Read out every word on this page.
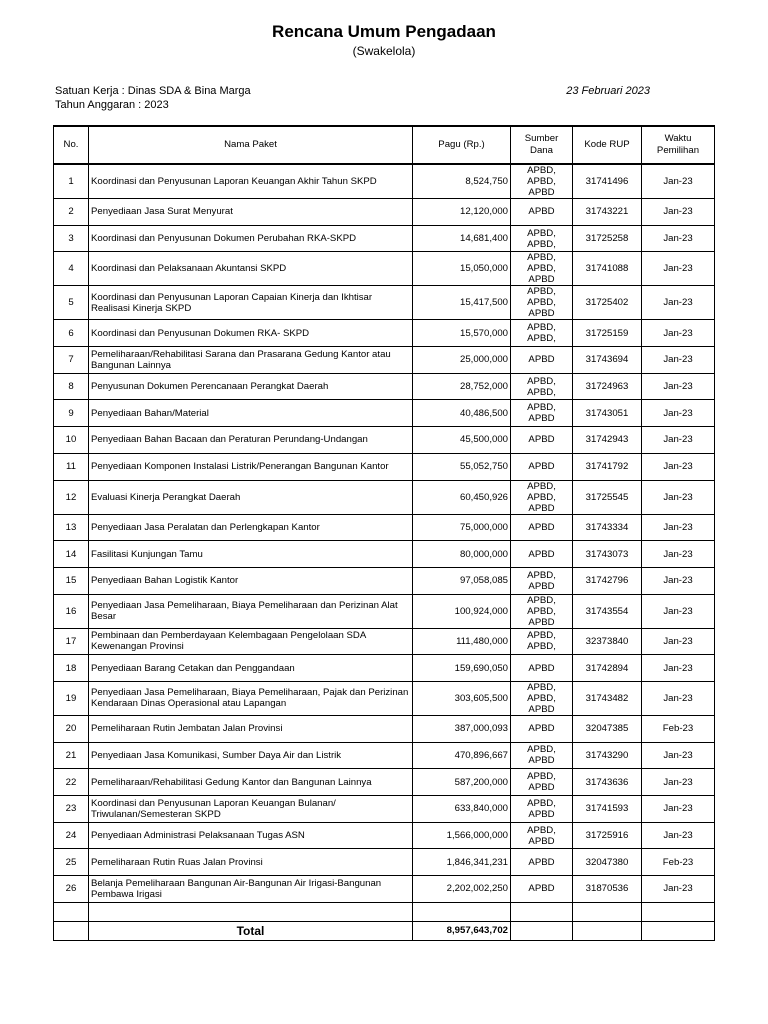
Rencana Umum Pengadaan
(Swakelola)
Satuan Kerja : Dinas SDA & Bina Marga
Tahun Anggaran : 2023
23 Februari 2023
No.	Nama Paket	Pagu (Rp.)	Sumber Dana	Kode RUP	Waktu Pemilihan
1	Koordinasi dan Penyusunan Laporan Keuangan Akhir Tahun SKPD	8,524,750	APBD, APBD, APBD	31741496	Jan-23
2	Penyediaan Jasa Surat Menyurat	12,120,000	APBD	31743221	Jan-23
3	Koordinasi dan Penyusunan Dokumen Perubahan RKA-SKPD	14,681,400	APBD, APBD,	31725258	Jan-23
4	Koordinasi dan Pelaksanaan Akuntansi SKPD	15,050,000	APBD, APBD, APBD	31741088	Jan-23
5	Koordinasi dan Penyusunan Laporan Capaian Kinerja dan Ikhtisar Realisasi Kinerja SKPD	15,417,500	APBD, APBD, APBD	31725402	Jan-23
6	Koordinasi dan Penyusunan Dokumen RKA- SKPD	15,570,000	APBD, APBD,	31725159	Jan-23
7	Pemeliharaan/Rehabilitasi Sarana dan Prasarana Gedung Kantor atau Bangunan Lainnya	25,000,000	APBD	31743694	Jan-23
8	Penyusunan Dokumen Perencanaan Perangkat Daerah	28,752,000	APBD, APBD,	31724963	Jan-23
9	Penyediaan Bahan/Material	40,486,500	APBD, APBD	31743051	Jan-23
10	Penyediaan Bahan Bacaan dan Peraturan Perundang-Undangan	45,500,000	APBD	31742943	Jan-23
11	Penyediaan Komponen Instalasi Listrik/Penerangan Bangunan Kantor	55,052,750	APBD	31741792	Jan-23
12	Evaluasi Kinerja Perangkat Daerah	60,450,926	APBD, APBD, APBD	31725545	Jan-23
13	Penyediaan Jasa Peralatan dan Perlengkapan Kantor	75,000,000	APBD	31743334	Jan-23
14	Fasilitasi Kunjungan Tamu	80,000,000	APBD	31743073	Jan-23
15	Penyediaan Bahan Logistik Kantor	97,058,085	APBD, APBD	31742796	Jan-23
16	Penyediaan Jasa Pemeliharaan, Biaya Pemeliharaan dan Perizinan Alat Besar	100,924,000	APBD, APBD, APBD	31743554	Jan-23
17	Pembinaan dan Pemberdayaan Kelembagaan Pengelolaan SDA Kewenangan Provinsi	111,480,000	APBD, APBD,	32373840	Jan-23
18	Penyediaan Barang Cetakan dan Penggandaan	159,690,050	APBD	31742894	Jan-23
19	Penyediaan Jasa Pemeliharaan, Biaya Pemeliharaan, Pajak dan Perizinan Kendaraan Dinas Operasional atau Lapangan	303,605,500	APBD, APBD, APBD	31743482	Jan-23
20	Pemeliharaan Rutin Jembatan Jalan Provinsi	387,000,093	APBD	32047385	Feb-23
21	Penyediaan Jasa Komunikasi, Sumber Daya Air dan Listrik	470,896,667	APBD, APBD	31743290	Jan-23
22	Pemeliharaan/Rehabilitasi Gedung Kantor dan Bangunan Lainnya	587,200,000	APBD, APBD	31743636	Jan-23
23	Koordinasi dan Penyusunan Laporan Keuangan Bulanan/ Triwulanan/Semesteran SKPD	633,840,000	APBD, APBD	31741593	Jan-23
24	Penyediaan Administrasi Pelaksanaan Tugas ASN	1,566,000,000	APBD, APBD	31725916	Jan-23
25	Pemeliharaan Rutin Ruas Jalan Provinsi	1,846,341,231	APBD	32047380	Feb-23
26	Belanja Pemeliharaan Bangunan Air-Bangunan Air Irigasi-Bangunan Pembawa Irigasi	2,202,002,250	APBD	31870536	Jan-23

	Total	8,957,643,702			
